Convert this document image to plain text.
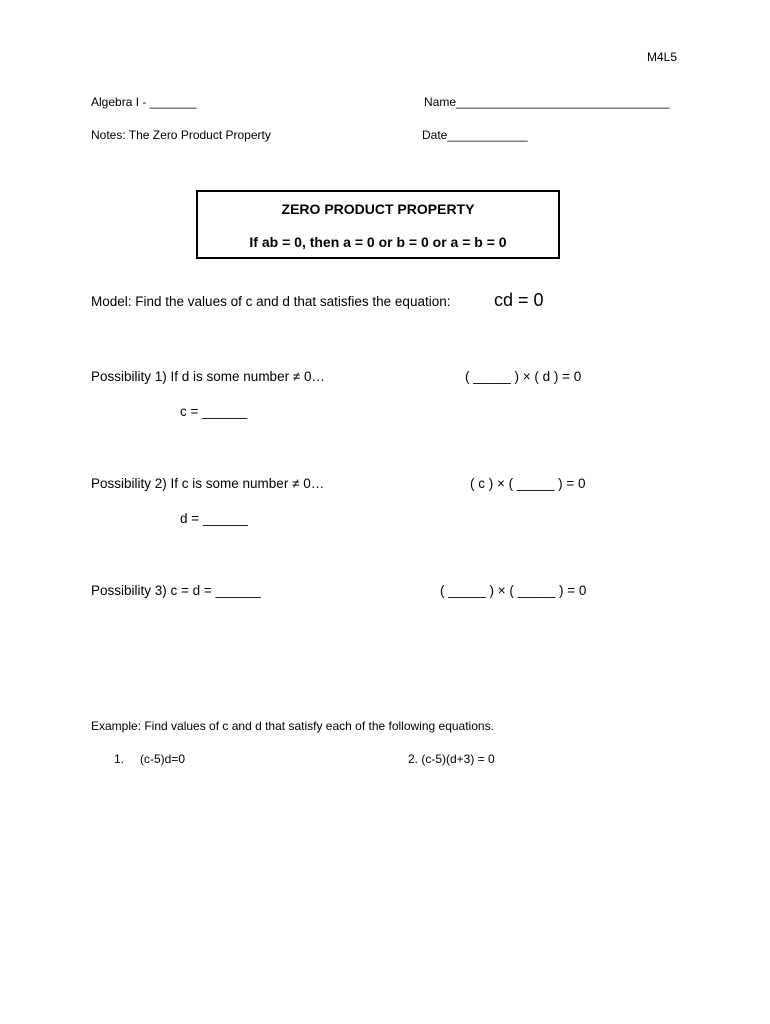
M4L5
Algebra I - _______	Name________________________________
Notes: The Zero Product Property	Date____________
ZERO PRODUCT PROPERTY
If ab = 0, then a = 0 or b = 0 or a = b = 0
Model: Find the values of c and d that satisfies the equation: cd = 0
Possibility 1) If d is some number ≠ 0…	( _____ ) × ( d ) = 0
c = ______
Possibility 2) If c is some number ≠ 0…	( c ) × ( _____ ) = 0
d = ______
Possibility 3) c = d = ______	( _____ ) × ( _____ ) = 0
Example: Find values of c and d that satisfy each of the following equations.
1. (c-5)d=0	2. (c-5)(d+3) = 0
